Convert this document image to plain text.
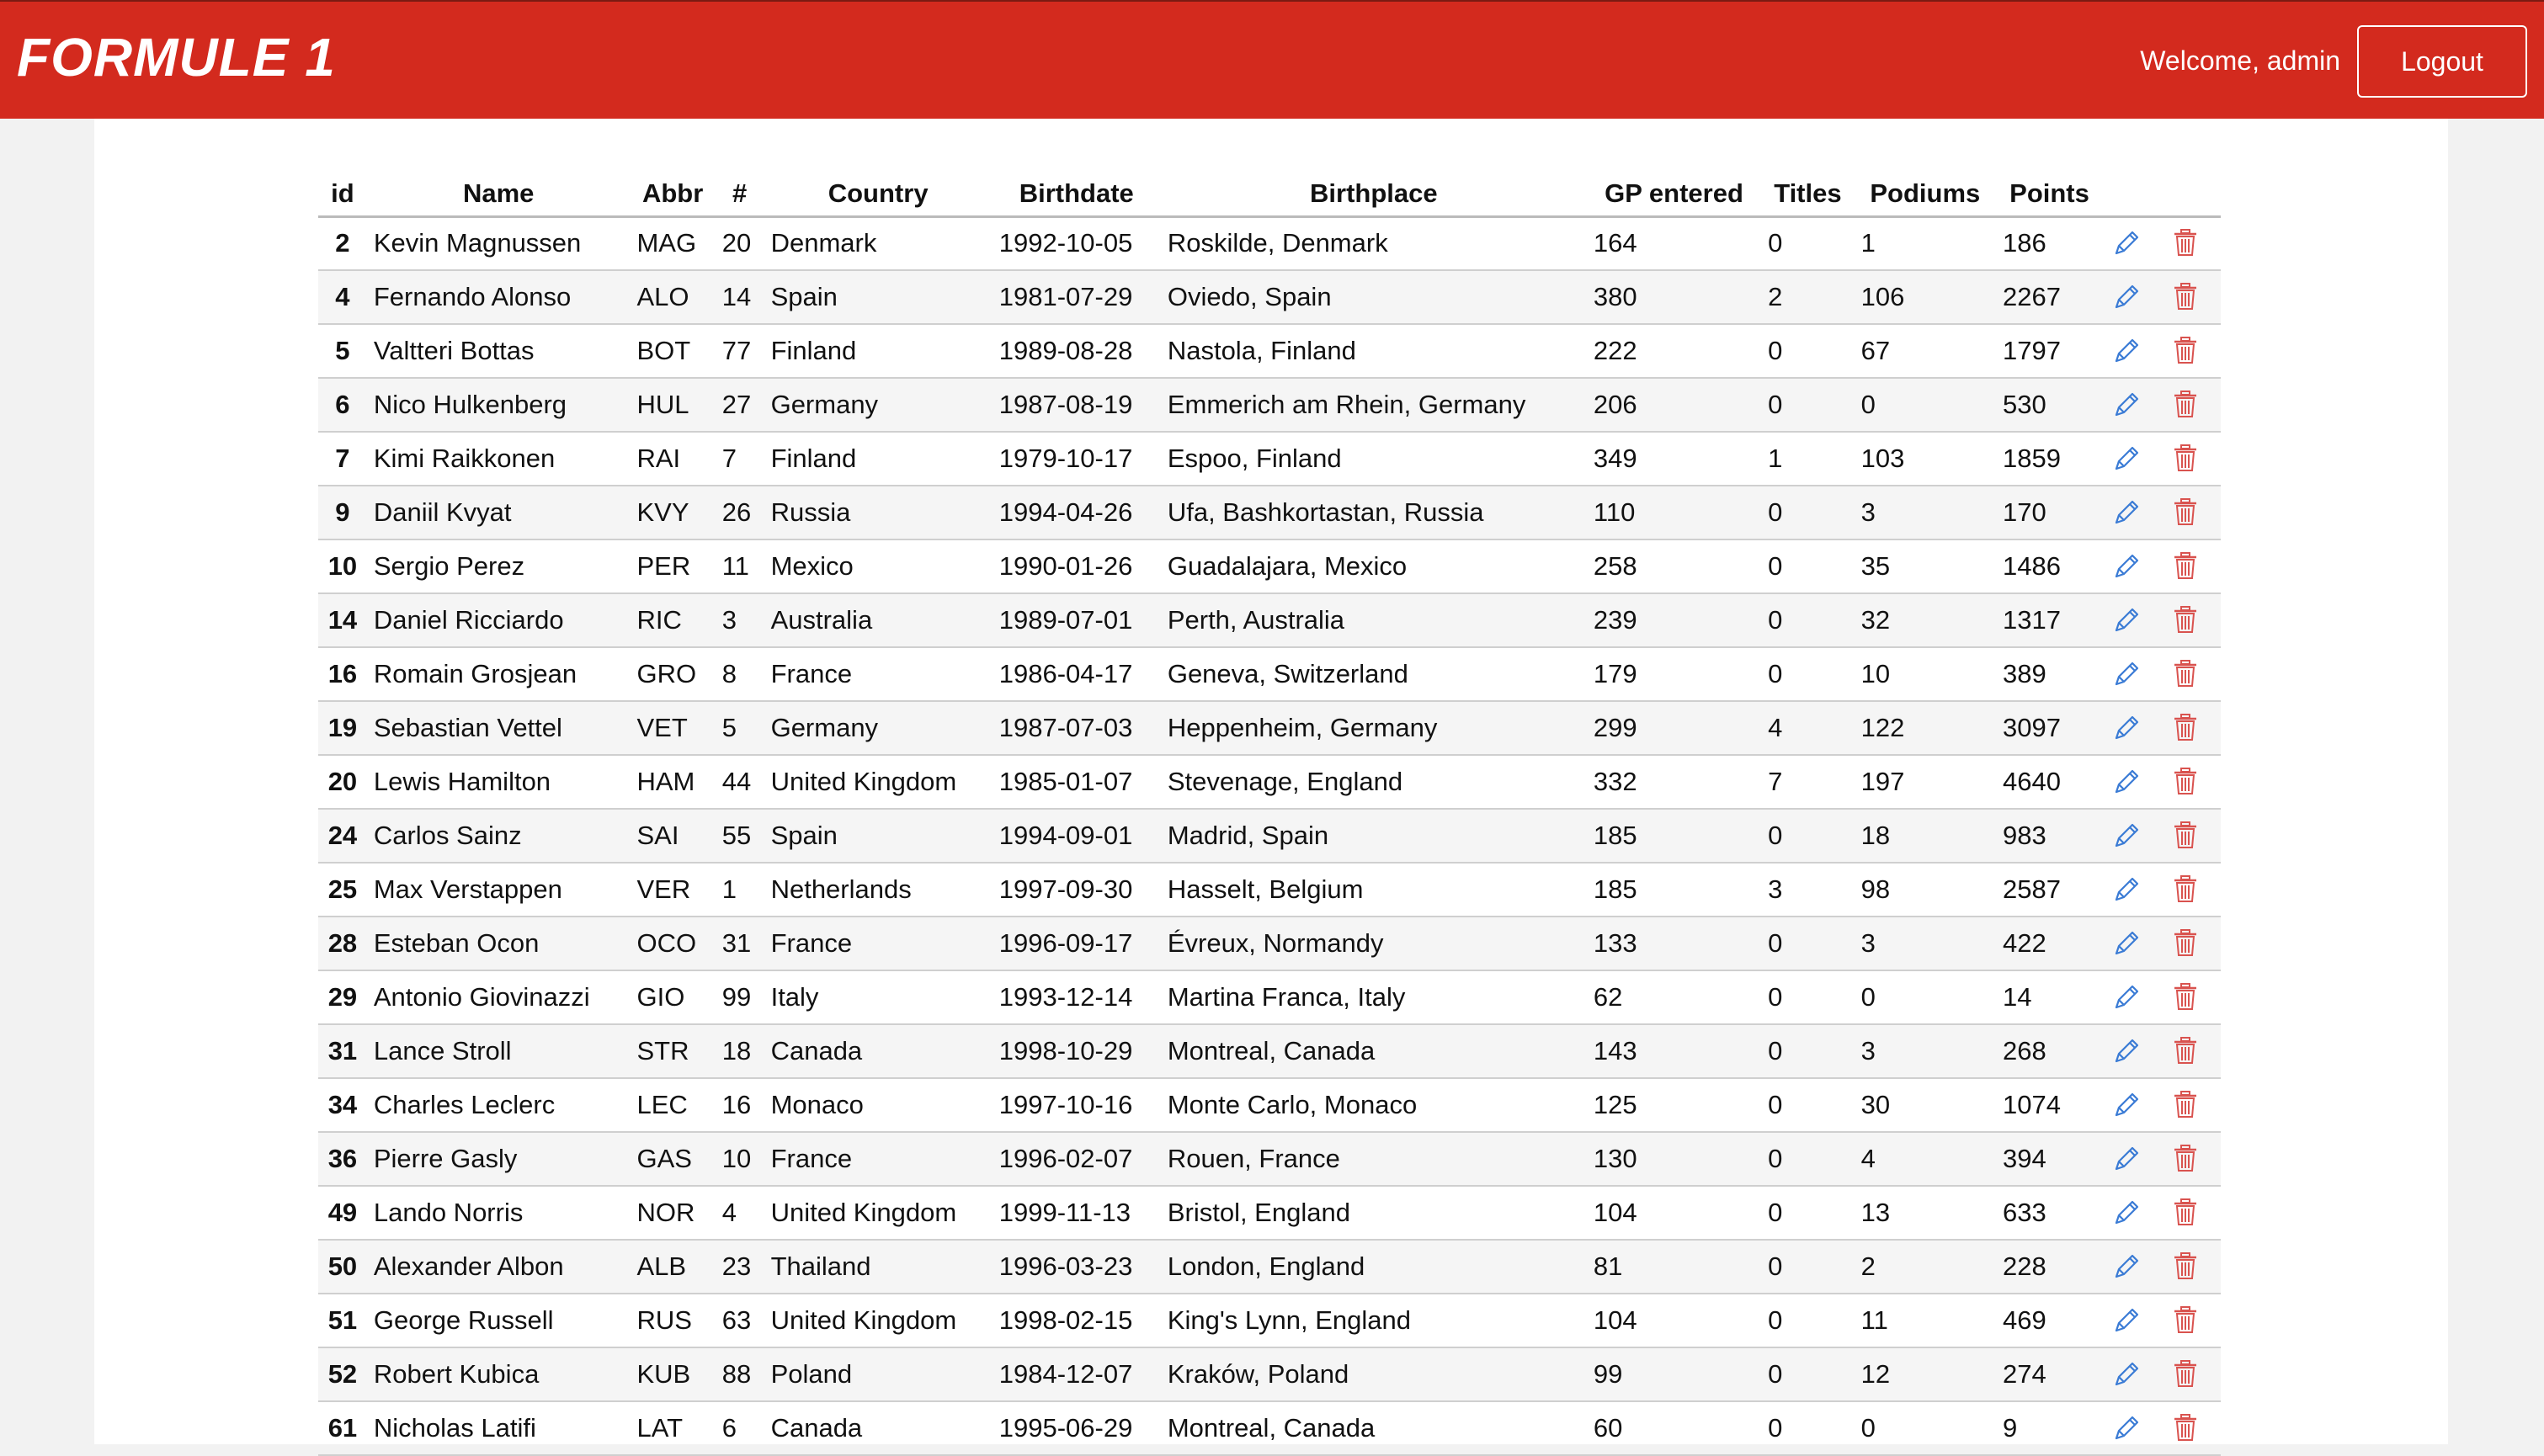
FORMULE 1	Welcome, admin	Logout
id	Name	Abbr	#	Country	Birthdate	Birthplace	GP entered	Titles	Podiums	Points		
2	Kevin Magnussen	MAG	20	Denmark	1992-10-05	Roskilde, Denmark	164	0	1	186		
4	Fernando Alonso	ALO	14	Spain	1981-07-29	Oviedo, Spain	380	2	106	2267		
5	Valtteri Bottas	BOT	77	Finland	1989-08-28	Nastola, Finland	222	0	67	1797		
6	Nico Hulkenberg	HUL	27	Germany	1987-08-19	Emmerich am Rhein, Germany	206	0	0	530		
7	Kimi Raikkonen	RAI	7	Finland	1979-10-17	Espoo, Finland	349	1	103	1859		
9	Daniil Kvyat	KVY	26	Russia	1994-04-26	Ufa, Bashkortastan, Russia	110	0	3	170		
10	Sergio Perez	PER	11	Mexico	1990-01-26	Guadalajara, Mexico	258	0	35	1486		
14	Daniel Ricciardo	RIC	3	Australia	1989-07-01	Perth, Australia	239	0	32	1317		
16	Romain Grosjean	GRO	8	France	1986-04-17	Geneva, Switzerland	179	0	10	389		
19	Sebastian Vettel	VET	5	Germany	1987-07-03	Heppenheim, Germany	299	4	122	3097		
20	Lewis Hamilton	HAM	44	United Kingdom	1985-01-07	Stevenage, England	332	7	197	4640		
24	Carlos Sainz	SAI	55	Spain	1994-09-01	Madrid, Spain	185	0	18	983		
25	Max Verstappen	VER	1	Netherlands	1997-09-30	Hasselt, Belgium	185	3	98	2587		
28	Esteban Ocon	OCO	31	France	1996-09-17	Évreux, Normandy	133	0	3	422		
29	Antonio Giovinazzi	GIO	99	Italy	1993-12-14	Martina Franca, Italy	62	0	0	14		
31	Lance Stroll	STR	18	Canada	1998-10-29	Montreal, Canada	143	0	3	268		
34	Charles Leclerc	LEC	16	Monaco	1997-10-16	Monte Carlo, Monaco	125	0	30	1074		
36	Pierre Gasly	GAS	10	France	1996-02-07	Rouen, France	130	0	4	394		
49	Lando Norris	NOR	4	United Kingdom	1999-11-13	Bristol, England	104	0	13	633		
50	Alexander Albon	ALB	23	Thailand	1996-03-23	London, England	81	0	2	228		
51	George Russell	RUS	63	United Kingdom	1998-02-15	King's Lynn, England	104	0	11	469		
52	Robert Kubica	KUB	88	Poland	1984-12-07	Kraków, Poland	99	0	12	274		
61	Nicholas Latifi	LAT	6	Canada	1995-06-29	Montreal, Canada	60	0	0	9		
